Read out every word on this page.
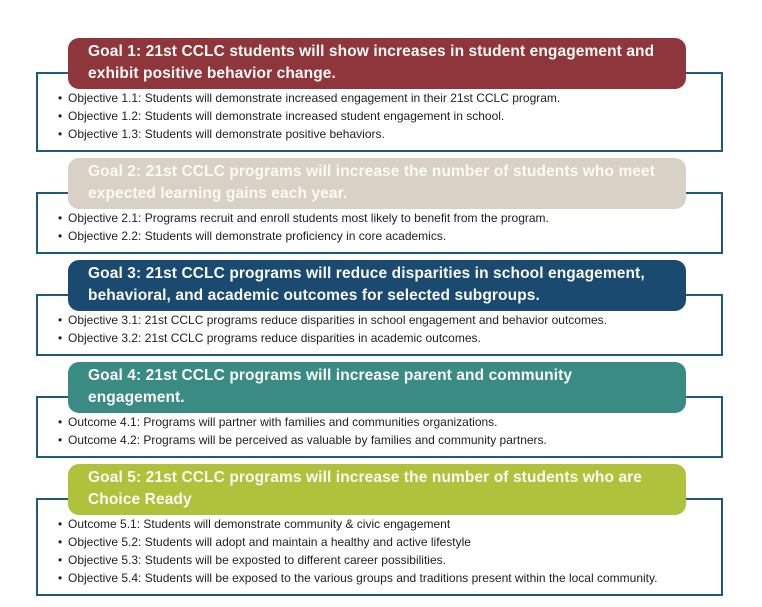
Goal 1: 21st CCLC students will show increases in student engagement and exhibit positive behavior change.
• Objective 1.1: Students will demonstrate increased engagement in their 21st CCLC program.
• Objective 1.2: Students will demonstrate increased student engagement in school.
• Objective 1.3: Students will demonstrate positive behaviors.
Goal 2: 21st CCLC programs will increase the number of students who meet expected learning gains each year.
• Objective 2.1: Programs recruit and enroll students most likely to benefit from the program.
• Objective 2.2: Students will demonstrate proficiency in core academics.
Goal 3: 21st CCLC programs will reduce disparities in school engagement, behavioral, and academic outcomes for selected subgroups.
• Objective 3.1: 21st CCLC programs reduce disparities in school engagement and behavior outcomes.
• Objective 3.2: 21st CCLC programs reduce disparities in academic outcomes.
Goal 4: 21st CCLC programs will increase parent and community engagement.
• Outcome 4.1: Programs will partner with families and communities organizations.
• Outcome 4.2: Programs will be perceived as valuable by families and community partners.
Goal 5: 21st CCLC programs will increase the number of students who are Choice Ready
• Outcome 5.1: Students will demonstrate community & civic engagement
• Objective 5.2: Students will adopt and maintain a healthy and active lifestyle
• Objective 5.3: Students will be exposted to different career possibilities.
• Objective 5.4: Students will be exposed to the various groups and traditions present within the local community.
